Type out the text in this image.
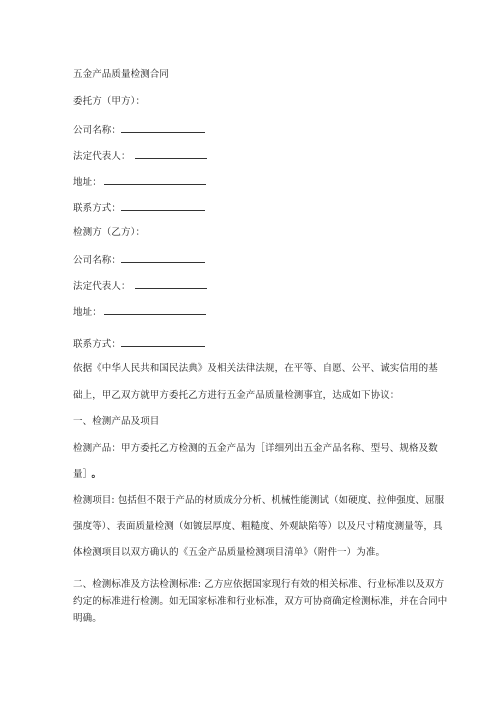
五金产品质量检测合同
委托方（甲方）：
公司名称：
法定代表人：
地址：
联系方式：
检测方（乙方）：
公司名称：
法定代表人：
地址：
联系方式：
依据《中华人民共和国民法典》及相关法律法规，在平等、自愿、公平、诚实信用的基
础上，甲乙双方就甲方委托乙方进行五金产品质量检测事宜，达成如下协议：
一、检测产品及项目
检测产品：甲方委托乙方检测的五金产品为［详细列出五金产品名称、型号、规格及数
量］ 。
检测项目: 包括但不限于产品的材质成分分析、机械性能测试（如硬度、拉伸强度、屈服
强度等）、表面质量检测（如镀层厚度、粗糙度、外观缺陷等）以及尺寸精度测量等，具
体检测项目以双方确认的《五金产品质量检测项目清单》（附件一）为准。
二、检测标准及方法检测标准: 乙方应依据国家现行有效的相关标准、行业标准以及双方
约定的标准进行检测。如无国家标准和行业标准，双方可协商确定检测标准，并在合同中
明确。
